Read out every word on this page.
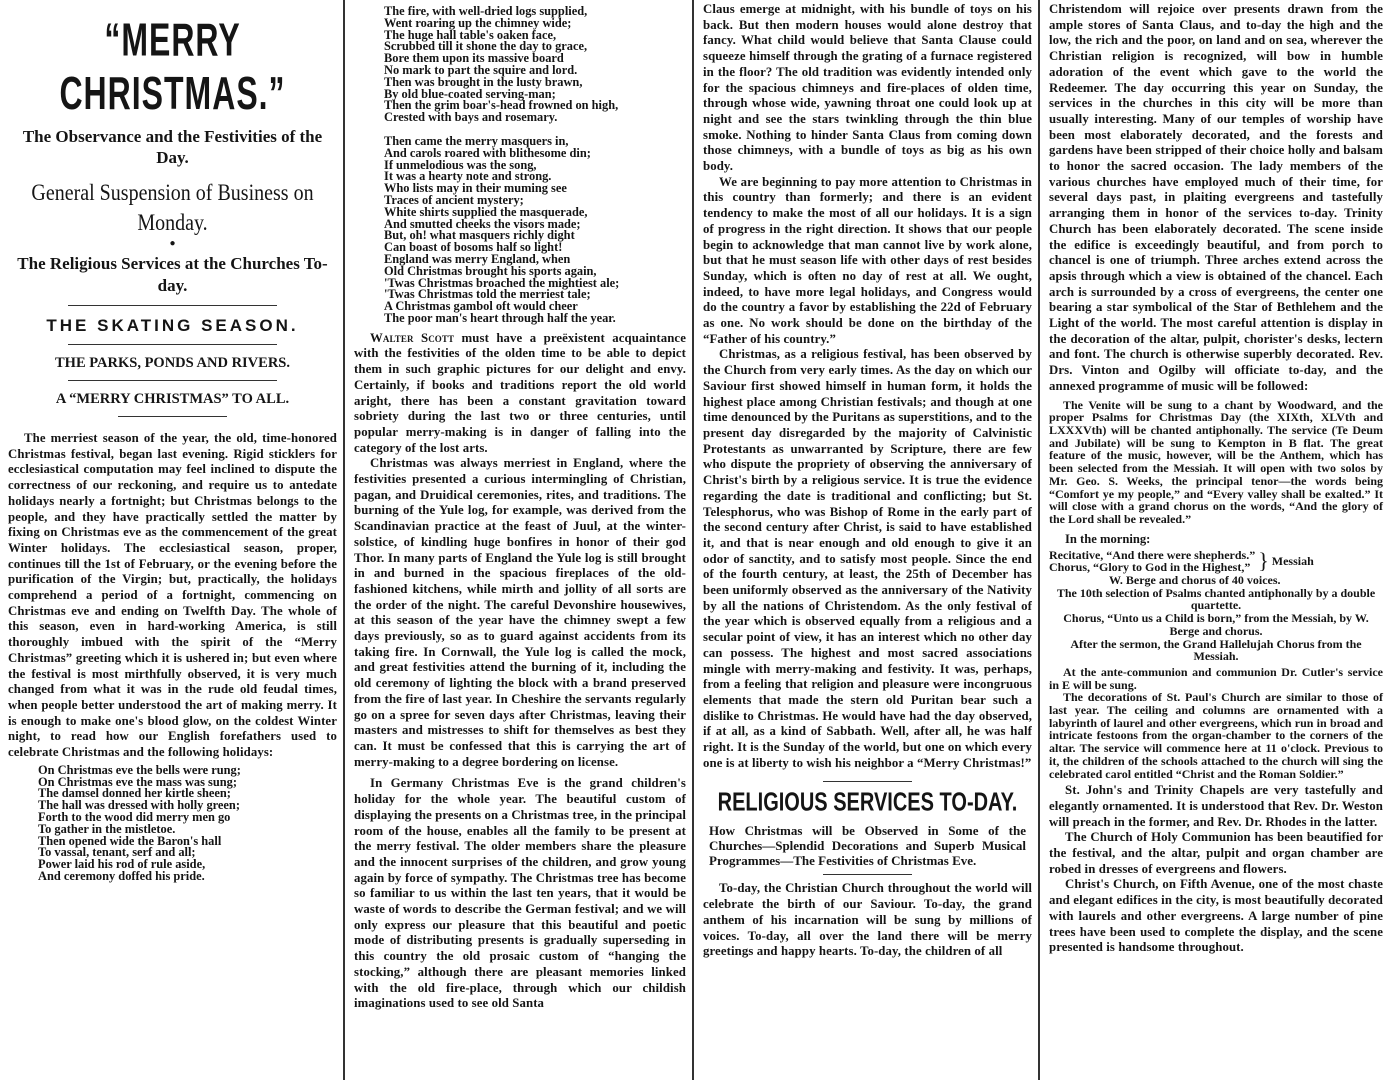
“MERRY CHRISTMAS.”
The Observance and the Festivities of the Day.
General Suspension of Business on Monday.
●
The Religious Services at the Churches To-day.
THE SKATING SEASON.
THE PARKS, PONDS AND RIVERS.
A “MERRY CHRISTMAS” TO ALL.

The merriest season of the year, the old, time-honored Christmas festival, began last evening. Rigid sticklers for ecclesiastical computation may feel inclined to dispute the correctness of our reckoning, and require us to antedate holidays nearly a fortnight; but Christmas belongs to the people, and they have practically settled the matter by fixing on Christmas eve as the commencement of the great Winter holidays. The ecclesiastical season, proper, continues till the 1st of February, or the evening before the purification of the Virgin; but, practically, the holidays comprehend a period of a fortnight, commencing on Christmas eve and ending on Twelfth Day. The whole of this season, even in hard-working America, is still thoroughly imbued with the spirit of the “Merry Christmas” greeting which it is ushered in; but even where the festival is most mirthfully observed, it is very much changed from what it was in the rude old feudal times, when people better understood the art of making merry. It is enough to make one's blood glow, on the coldest Winter night, to read how our English forefathers used to celebrate Christmas and the following holidays:

On Christmas eve the bells were rung;
On Christmas eve the mass was sung;
The damsel donned her kirtle sheen;
The hall was dressed with holly green;
Forth to the wood did merry men go
To gather in the mistletoe.
Then opened wide the Baron's hall
To vassal, tenant, serf and all;
Power laid his rod of rule aside,
And ceremony doffed his pride.
The fire, with well-dried logs supplied,
Went roaring up the chimney wide;
The huge hall table's oaken face,
Scrubbed till it shone the day to grace,
Bore them upon its massive board
No mark to part the squire and lord.
Then was brought in the lusty brawn,
By old blue-coated serving-man;
Then the grim boar's-head frowned on high,
Crested with bays and rosemary.
Then came the merry masquers in,
And carols roared with blithesome din;
If unmelodious was the song,
It was a hearty note and strong.
Who lists may in their muming see
Traces of ancient mystery;
White shirts supplied the masquerade,
And smutted cheeks the visors made;
But, oh! what masquers richly dight
Can boast of bosoms half so light!
England was merry England, when
Old Christmas brought his sports again,
'Twas Christmas broached the mightiest ale;
'Twas Christmas told the merriest tale;
A Christmas gambol oft would cheer
The poor man's heart through half the year.

Walter Scott must have a preëxistent acquaintance with the festivities of the olden time to be able to depict them in such graphic pictures for our delight and envy. Certainly, if books and traditions report the old world aright, there has been a constant gravitation toward sobriety during the last two or three centuries, until popular merry-making is in danger of falling into the category of the lost arts.

Christmas was always merriest in England, where the festivities presented a curious intermingling of Christian, pagan, and Druidical ceremonies, rites, and traditions. The burning of the Yule log, for example, was derived from the Scandinavian practice at the feast of Juul, at the winter-solstice, of kindling huge bonfires in honor of their god Thor. In many parts of England the Yule log is still brought in and burned in the spacious fireplaces of the old-fashioned kitchens, while mirth and jollity of all sorts are the order of the night. The careful Devonshire housewives, at this season of the year have the chimney swept a few days previously, so as to guard against accidents from its taking fire. In Cornwall, the Yule log is called the mock, and great festivities attend the burning of it, including the old ceremony of lighting the block with a brand preserved from the fire of last year. In Cheshire the servants regularly go on a spree for seven days after Christmas, leaving their masters and mistresses to shift for themselves as best they can. It must be confessed that this is carrying the art of merry-making to a degree bordering on license.

In Germany Christmas Eve is the grand children's holiday for the whole year. The beautiful custom of displaying the presents on a Christmas tree, in the principal room of the house, enables all the family to be present at the merry festival. The older members share the pleasure and the innocent surprises of the children, and grow young again by force of sympathy. The Christmas tree has become so familiar to us within the last ten years, that it would be waste of words to describe the German festival; and we will only express our pleasure that this beautiful and poetic mode of distributing presents is gradually superseding in this country the old prosaic custom of “hanging the stocking,” although there are pleasant memories linked with the old fire-place, through which our childish imaginations used to see old Santa

Claus emerge at midnight, with his bundle of toys on his back. But then modern houses would alone destroy that fancy. What child would believe that Santa Clause could squeeze himself through the grating of a furnace registered in the floor? The old tradition was evidently intended only for the spacious chimneys and fire-places of olden time, through whose wide, yawning throat one could look up at night and see the stars twinkling through the thin blue smoke. Nothing to hinder Santa Claus from coming down those chimneys, with a bundle of toys as big as his own body.

We are beginning to pay more attention to Christmas in this country than formerly; and there is an evident tendency to make the most of all our holidays. It is a sign of progress in the right direction. It shows that our people begin to acknowledge that man cannot live by work alone, but that he must season life with other days of rest besides Sunday, which is often no day of rest at all. We ought, indeed, to have more legal holidays, and Congress would do the country a favor by establishing the 22d of February as one. No work should be done on the birthday of the “Father of his country.”

Christmas, as a religious festival, has been observed by the Church from very early times. As the day on which our Saviour first showed himself in human form, it holds the highest place among Christian festivals; and though at one time denounced by the Puritans as superstitions, and to the present day disregarded by the majority of Calvinistic Protestants as unwarranted by Scripture, there are few who dispute the propriety of observing the anniversary of Christ's birth by a religious service. It is true the evidence regarding the date is traditional and conflicting; but St. Telesphorus, who was Bishop of Rome in the early part of the second century after Christ, is said to have established it, and that is near enough and old enough to give it an odor of sanctity, and to satisfy most people. Since the end of the fourth century, at least, the 25th of December has been uniformly observed as the anniversary of the Nativity by all the nations of Christendom. As the only festival of the year which is observed equally from a religious and a secular point of view, it has an interest which no other day can possess. The highest and most sacred associations mingle with merry-making and festivity. It was, perhaps, from a feeling that religion and pleasure were incongruous elements that made the stern old Puritan bear such a dislike to Christmas. He would have had the day observed, if at all, as a kind of Sabbath. Well, after all, he was half right. It is the Sunday of the world, but one on which every one is at liberty to wish his neighbor a “Merry Christmas!”

RELIGIOUS SERVICES TO-DAY.
How Christmas will be Observed in Some of the Churches—Splendid Decorations and Superb Musical Programmes—The Festivities of Christmas Eve.

To-day, the Christian Church throughout the world will celebrate the birth of our Saviour. To-day, the grand anthem of his incarnation will be sung by millions of voices. To-day, all over the land there will be merry greetings and happy hearts. To-day, the children of all

Christendom will rejoice over presents drawn from the ample stores of Santa Claus, and to-day the high and the low, the rich and the poor, on land and on sea, wherever the Christian religion is recognized, will bow in humble adoration of the event which gave to the world the Redeemer. The day occurring this year on Sunday, the services in the churches in this city will be more than usually interesting. Many of our temples of worship have been most elaborately decorated, and the forests and gardens have been stripped of their choice holly and balsam to honor the sacred occasion. The lady members of the various churches have employed much of their time, for several days past, in plaiting evergreens and tastefully arranging them in honor of the services to-day. Trinity Church has been elaborately decorated. The scene inside the edifice is exceedingly beautiful, and from porch to chancel is one of triumph. Three arches extend across the apsis through which a view is obtained of the chancel. Each arch is surrounded by a cross of evergreens, the center one bearing a star symbolical of the Star of Bethlehem and the Light of the world. The most careful attention is display in the decoration of the altar, pulpit, chorister's desks, lectern and font. The church is otherwise superbly decorated. Rev. Drs. Vinton and Ogilby will officiate to-day, and the annexed programme of music will be followed:

The Venite will be sung to a chant by Woodward, and the proper Psalms for Christmas Day (the XIXth, XLVth and LXXXVth) will be chanted antiphonally. The service (Te Deum and Jubilate) will be sung to Kempton in B flat. The great feature of the music, however, will be the Anthem, which has been selected from the Messiah. It will open with two solos by Mr. Geo. S. Weeks, the principal tenor—the words being “Comfort ye my people,” and “Every valley shall be exalted.” It will close with a grand chorus on the words, “And the glory of the Lord shall be revealed.”

In the morning:
Recitative, “And there were shepherds.”
Chorus, “Glory to God in the Highest,” } Messiah
W. Berge and chorus of 40 voices.
The 10th selection of Psalms chanted antiphonally by a double quartette.
Chorus, “Unto us a Child is born,” from the Messiah, by W. Berge and chorus.
After the sermon, the Grand Hallelujah Chorus from the Messiah.

At the ante-communion and communion Dr. Cutler's service in E will be sung.

The decorations of St. Paul's Church are similar to those of last year. The ceiling and columns are ornamented with a labyrinth of laurel and other evergreens, which run in broad and intricate festoons from the organ-chamber to the corners of the altar. The service will commence here at 11 o'clock. Previous to it, the children of the schools attached to the church will sing the celebrated carol entitled “Christ and the Roman Soldier.”

St. John's and Trinity Chapels are very tastefully and elegantly ornamented. It is understood that Rev. Dr. Weston will preach in the former, and Rev. Dr. Rhodes in the latter.

The Church of Holy Communion has been beautified for the festival, and the altar, pulpit and organ chamber are robed in dresses of evergreens and flowers.

Christ's Church, on Fifth Avenue, one of the most chaste and elegant edifices in the city, is most beautifully decorated with laurels and other evergreens. A large number of pine trees have been used to complete the display, and the scene presented is handsome throughout.
